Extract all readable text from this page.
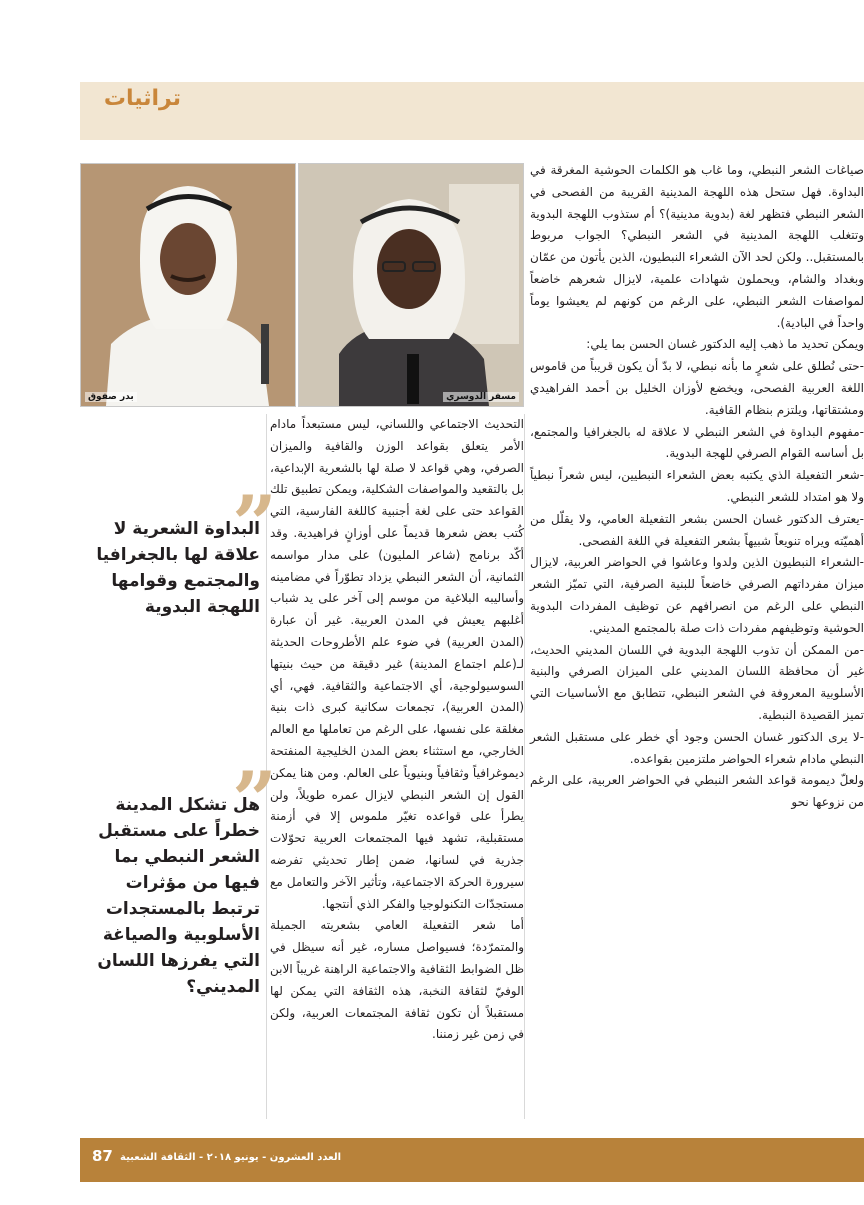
تراثيات
مسفر الدوسري
بدر صفوق

صياغات الشعر النبطي، وما غاب هو الكلمات الحوشية المغرقة في البداوة. فهل ستحل هذه اللهجة المدينية القريبة من الفصحى في الشعر النبطي فتظهر لغة (بدوية مدينية)؟ أم ستذوب اللهجة البدوية وتتغلب اللهجة المدينية في الشعر النبطي؟ الجواب مربوط بالمستقبل.. ولكن لحد الآن الشعراء النبطيون، الذين يأتون من عمّان وبغداد والشام، ويحملون شهادات علمية، لايزال شعرهم خاضعاً لمواصفات الشعر النبطي، على الرغم من كونهم لم يعيشوا يوماً واحداً في البادية).

ويمكن تحديد ما ذهب إليه الدكتور غسان الحسن بما يلي:

-حتى نُطلق على شعرٍ ما بأنه نبطي، لا بدّ أن يكون قريباً من قاموس اللغة العربية الفصحى، ويخضع لأوزان الخليل بن أحمد الفراهيدي ومشتقاتها، ويلتزم بنظام القافية.
-مفهوم البداوة في الشعر النبطي لا علاقة له بالجغرافيا والمجتمع، بل أساسه القوام الصرفي للهجة البدوية.
-شعر التفعيلة الذي يكتبه بعض الشعراء النبطيين، ليس شعراً نبطياً ولا هو امتداد للشعر النبطي.
-يعترف الدكتور غسان الحسن بشعر التفعيلة العامي، ولا يقلّل من أهميّته ويراه تنويعاً شبيهاً بشعر التفعيلة في اللغة الفصحى.
-الشعراء النبطيون الذين ولدوا وعاشوا في الحواضر العربية، لايزال ميزان مفرداتهم الصرفي خاضعاً للبنية الصرفية، التي تميّز الشعر النبطي على الرغم من انصرافهم عن توظيف المفردات البدوية الحوشية وتوظيفهم مفردات ذات صلة بالمجتمع المديني.
-من الممكن أن تذوب اللهجة البدوية في اللسان المديني الحديث، غير أن محافظة اللسان المديني على الميزان الصرفي والبنية الأسلوبية المعروفة في الشعر النبطي، تتطابق مع الأساسيات التي تميز القصيدة النبطية.
-لا يرى الدكتور غسان الحسن وجود أي خطر على مستقبل الشعر النبطي مادام شعراء الحواضر ملتزمين بقواعده.

ولعلّ ديمومة قواعد الشعر النبطي في الحواضر العربية، على الرغم من نزوعها نحو

التحديث الاجتماعي واللساني، ليس مستبعداً مادام الأمر يتعلق بقواعد الوزن والقافية والميزان الصرفي، وهي قواعد لا صلة لها بالشعرية الإبداعية، بل بالتقعيد والمواصفات الشكلية، ويمكن تطبيق تلك القواعد حتى على لغة أجنبية كاللغة الفارسية، التي كُتب بعض شعرها قديماً على أوزانٍ فراهيدية. وقد أكّد برنامج (شاعر المليون) على مدار مواسمه الثمانية، أن الشعر النبطي يزداد تطوّراً في مضامينه وأساليبه البلاغية من موسم إلى آخر على يد شباب أغلبهم يعيش في المدن العربية. غير أن عبارة (المدن العربية) في ضوء علم الأطروحات الحديثة لـ(علم اجتماع المدينة) غير دقيقة من حيث بنيتها السوسيولوجية، أي الاجتماعية والثقافية. فهي، أي (المدن العربية)، تجمعات سكانية كبرى ذات بنية مغلقة على نفسها، على الرغم من تعاملها مع العالم الخارجي، مع استثناء بعض المدن الخليجية المنفتحة ديموغرافياً وثقافياً وبنيوياً على العالم. ومن هنا يمكن القول إن الشعر النبطي لايزال عمره طويلاً، ولن يطرأ على قواعده تغيّر ملموس إلا في أزمنة مستقبلية، تشهد فيها المجتمعات العربية تحوّلات جذرية في لسانها، ضمن إطار تحديثي تفرضه سيرورة الحركة الاجتماعية، وتأثير الآخر والتعامل مع مستجدّات التكنولوجيا والفكر الذي أنتجها.

أما شعر التفعيلة العامي بشعريته الجميلة والمتمرّدة؛ فسيواصل مساره، غير أنه سيظل في ظل الضوابط الثقافية والاجتماعية الراهنة غريباً الابن الوفيّ لثقافة النخبة، هذه الثقافة التي يمكن لها مستقبلاً أن تكون ثقافة المجتمعات العربية، ولكن في زمن غير زمننا.

”
البداوة الشعرية لا علاقة لها بالجغرافيا والمجتمع وقوامها اللهجة البدوية
”
هل تشكل المدينة خطراً على مستقبل الشعر النبطي بما فيها من مؤثرات ترتبط بالمستجدات الأسلوبية والصياغة التي يفرزها اللسان المديني؟
العدد العشرون - يونيو ٢٠١٨ - الثقافة الشعبية
87
